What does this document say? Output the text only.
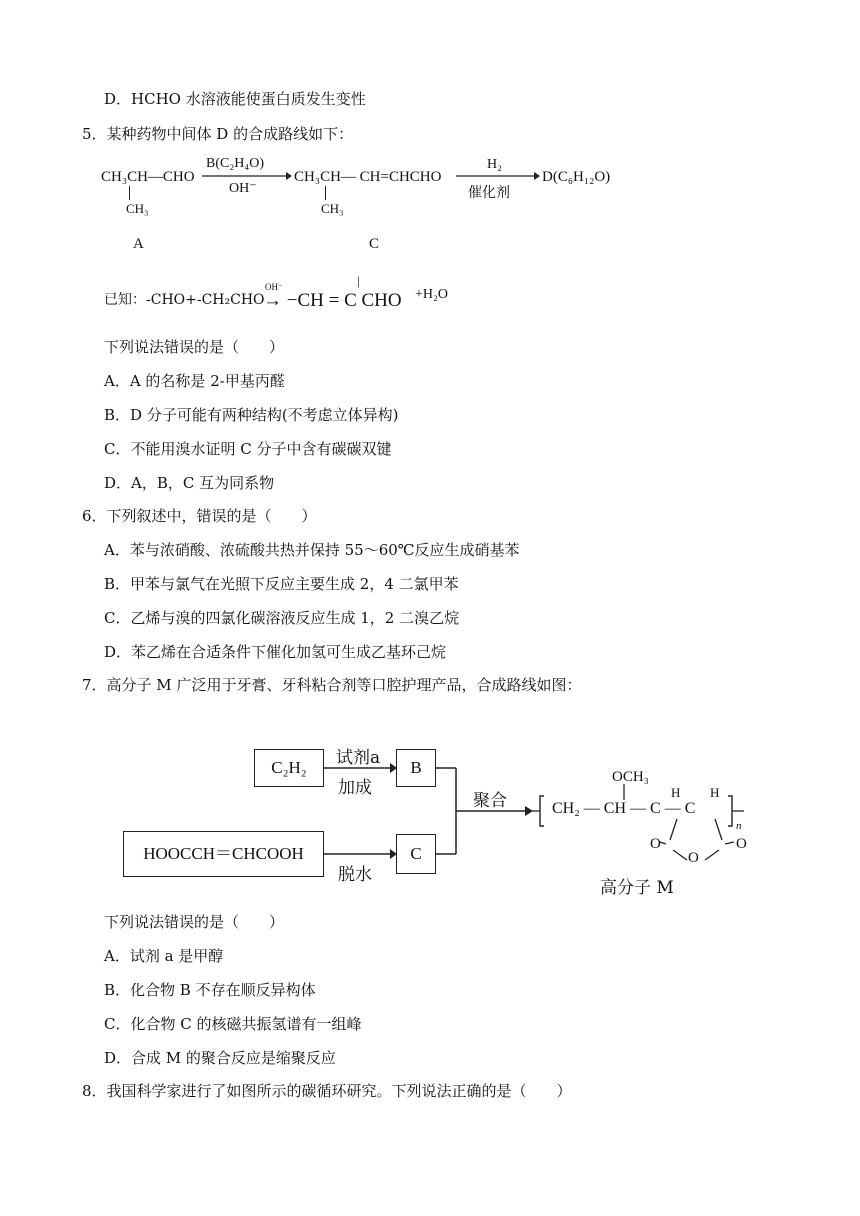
D．HCHO 水溶液能使蛋白质发生变性
5．某种药物中间体 D 的合成路线如下：
CH₃CH—CHO
CH₃
B(C₂H₄O)
OH⁻
CH₃CH— CH=CHCHO
CH₃
H₂
催化剂
D(C₆H₁₂O)
A	C
已知：-CHO+-CH₂CHO
OH⁻	|
→ −CH = C CHO +H₂O
下列说法错误的是（　　）
A．A 的名称是 2-甲基丙醛
B．D 分子可能有两种结构(不考虑立体异构)
C．不能用溴水证明 C 分子中含有碳碳双键
D．A，B，C 互为同系物
6．下列叙述中，错误的是（　　）
A．苯与浓硝酸、浓硫酸共热并保持 55～60℃反应生成硝基苯
B．甲苯与氯气在光照下反应主要生成 2，4 二氯甲苯
C．乙烯与溴的四氯化碳溶液反应生成 1，2 二溴乙烷
D．苯乙烯在合适条件下催化加氢可生成乙基环己烷
7．高分子 M 广泛用于牙膏、牙科粘合剂等口腔护理产品，合成路线如图：
C₂H₂
HOOCCH＝CHCOOH
B
C
试剂a
加成
脱水
聚合
OCH₃
CH₂ — CH — C — C
H H
n
O
O
O
高分子 M
下列说法错误的是（　　）
A．试剂 a 是甲醇
B．化合物 B 不存在顺反异构体
C．化合物 C 的核磁共振氢谱有一组峰
D．合成 M 的聚合反应是缩聚反应
8．我国科学家进行了如图所示的碳循环研究。下列说法正确的是（　　）
